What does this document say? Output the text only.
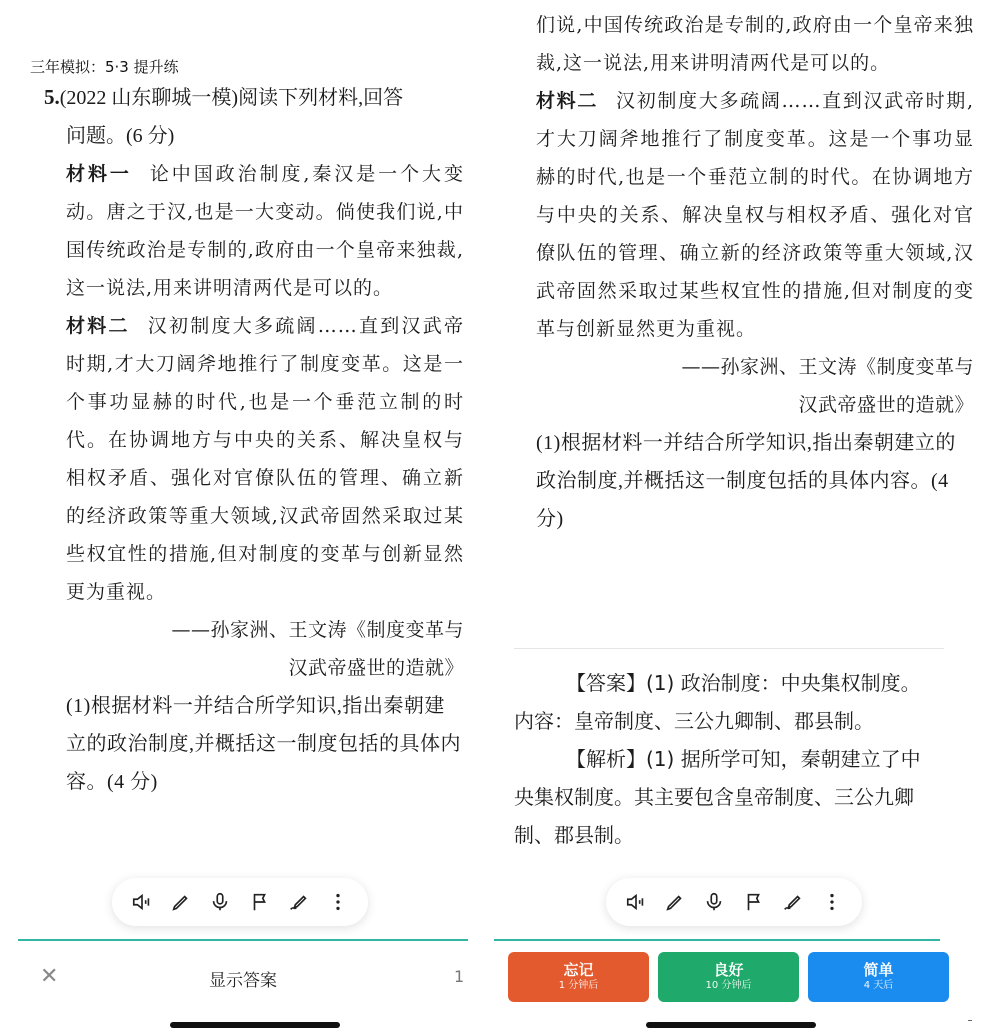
三年模拟：5·3 提升练

5.(2022 山东聊城一模)阅读下列材料,回答

问题。(6 分)

材料一 论中国政治制度,秦汉是一个大变动。唐之于汉,也是一大变动。倘使我们说,中国传统政治是专制的,政府由一个皇帝来独裁,这一说法,用来讲明清两代是可以的。

材料二 汉初制度大多疏阔……直到汉武帝时期,才大刀阔斧地推行了制度变革。这是一个事功显赫的时代,也是一个垂范立制的时代。在协调地方与中央的关系、解决皇权与相权矛盾、强化对官僚队伍的管理、确立新的经济政策等重大领域,汉武帝固然采取过某些权宜性的措施,但对制度的变革与创新显然更为重视。

——孙家洲、王文涛《制度变革与

汉武帝盛世的造就》

(1)根据材料一并结合所学知识,指出秦朝建立的政治制度,并概括这一制度包括的具体内容。(4 分)

✕	显示答案	1

们说,中国传统政治是专制的,政府由一个皇帝来独裁,这一说法,用来讲明清两代是可以的。

材料二 汉初制度大多疏阔……直到汉武帝时期,才大刀阔斧地推行了制度变革。这是一个事功显赫的时代,也是一个垂范立制的时代。在协调地方与中央的关系、解决皇权与相权矛盾、强化对官僚队伍的管理、确立新的经济政策等重大领域,汉武帝固然采取过某些权宜性的措施,但对制度的变革与创新显然更为重视。

——孙家洲、王文涛《制度变革与

汉武帝盛世的造就》

(1)根据材料一并结合所学知识,指出秦朝建立的政治制度,并概括这一制度包括的具体内容。(4 分)

【答案】(1) 政治制度：中央集权制度。内容：皇帝制度、三公九卿制、郡县制。

【解析】(1) 据所学可知，秦朝建立了中央集权制度。其主要包含皇帝制度、三公九卿制、郡县制。

忘记
1 分钟后
良好
10 分钟后
简单
4 天后
